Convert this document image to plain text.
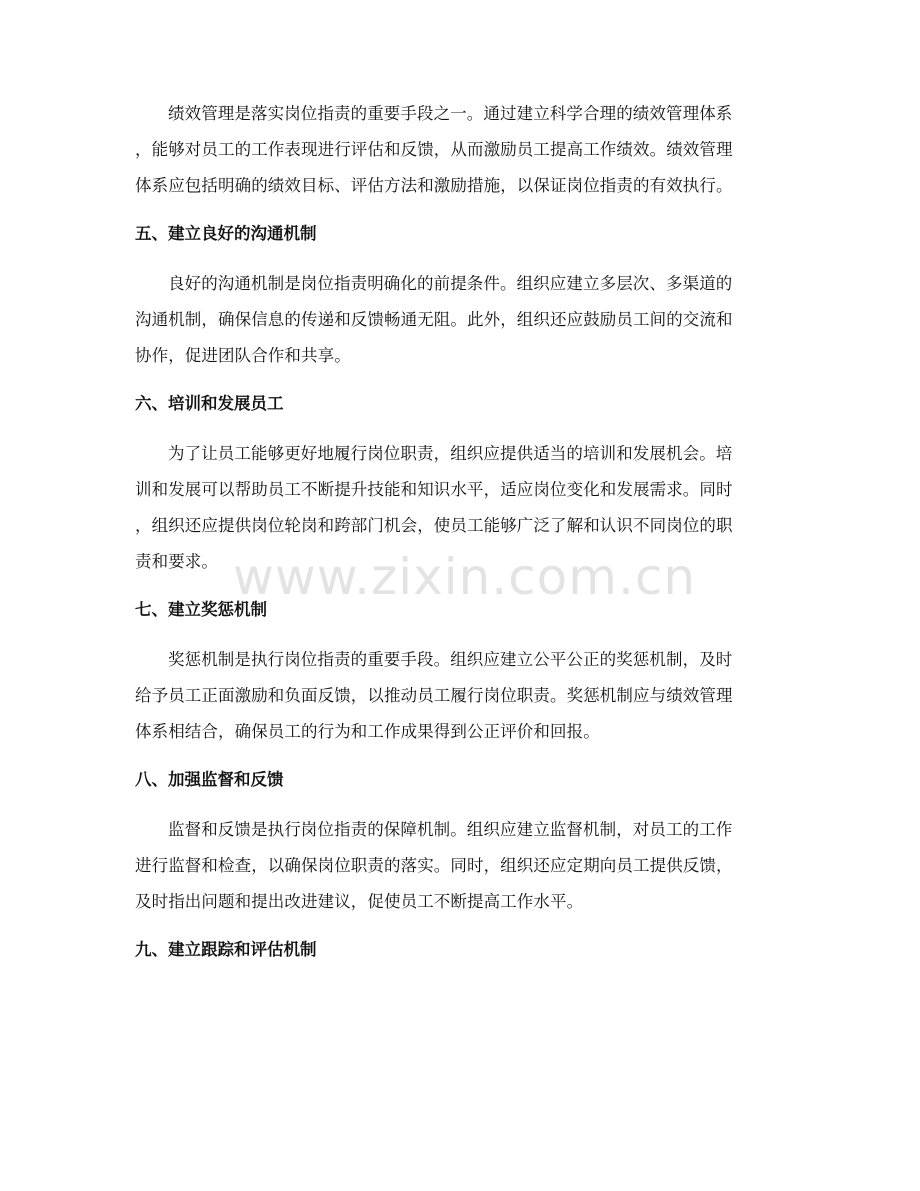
绩效管理是落实岗位指责的重要手段之一。通过建立科学合理的绩效管理体系
，能够对员工的工作表现进行评估和反馈，从而激励员工提高工作绩效。绩效管理
体系应包括明确的绩效目标、评估方法和激励措施，以保证岗位指责的有效执行。

五、建立良好的沟通机制

良好的沟通机制是岗位指责明确化的前提条件。组织应建立多层次、多渠道的
沟通机制，确保信息的传递和反馈畅通无阻。此外，组织还应鼓励员工间的交流和
协作，促进团队合作和共享。

六、培训和发展员工

为了让员工能够更好地履行岗位职责，组织应提供适当的培训和发展机会。培
训和发展可以帮助员工不断提升技能和知识水平，适应岗位变化和发展需求。同时
，组织还应提供岗位轮岗和跨部门机会，使员工能够广泛了解和认识不同岗位的职
责和要求。

七、建立奖惩机制

奖惩机制是执行岗位指责的重要手段。组织应建立公平公正的奖惩机制，及时
给予员工正面激励和负面反馈，以推动员工履行岗位职责。奖惩机制应与绩效管理
体系相结合，确保员工的行为和工作成果得到公正评价和回报。

八、加强监督和反馈

监督和反馈是执行岗位指责的保障机制。组织应建立监督机制，对员工的工作
进行监督和检查，以确保岗位职责的落实。同时，组织还应定期向员工提供反馈，
及时指出问题和提出改进建议，促使员工不断提高工作水平。

九、建立跟踪和评估机制
www.zixin.com.cn
